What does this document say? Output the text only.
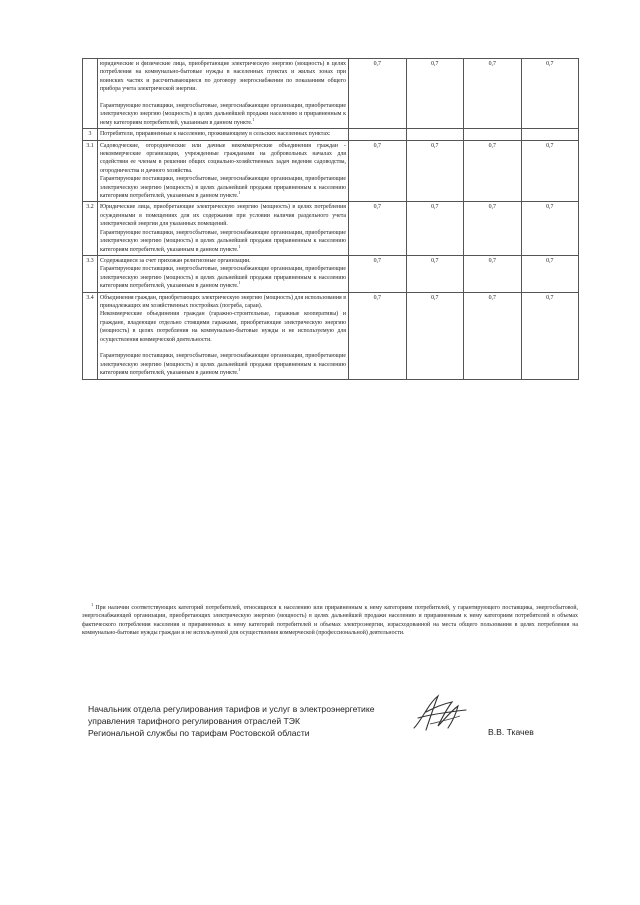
	юридические и физические лица, приобретающие электрическую энергию (мощность) в целях потребления на коммунально-бытовые нужды в населенных пунктах и жилых зонах при воинских частях и рассчитывающиеся по договору энергоснабжения по показаниям общего прибора учета электрической энергии.

Гарантирующие поставщики, энергосбытовые, энергоснабжающие организации, приобретающие электрическую энергию (мощность) в целях дальнейшей продажи населению и приравненным к нему категориям потребителей, указанным в данном пункте.$^1$	0,7	0,7	0,7	0,7
3	Потребители, приравненные к населению, проживающему в сельских населенных пунктах:				

3.1	Садоводческие, огороднические или дачные некоммерческие объединения граждан - некоммерческие организации, учрежденные гражданами на добровольных началах для содействия ее членам в решении общих социально-хозяйственных задач ведения садоводства, огородничества и дачного хозяйства.

Гарантирующие поставщики, энергосбытовые, энергоснабжающие организации, приобретающие электрическую энергию (мощность) в целях дальнейшей продажи приравненным к населению категориям потребителей, указанным в данном пункте.$^1$	0,7	0,7	0,7	0,7
3.2	Юридические лица, приобретающие электрическую энергию (мощность) в целях потребления осужденными в помещениях для их содержания при условии наличия раздельного учета электрической энергии для указанных помещений.

Гарантирующие поставщики, энергосбытовые, энергоснабжающие организации, приобретающие электрическую энергию (мощность) в целях дальнейшей продажи приравненным к населению категориям потребителей, указанным в данном пункте.$^1$	0,7	0,7	0,7	0,7
3.3	Содержащиеся за счет прихожан религиозные организации.

Гарантирующие поставщики, энергосбытовые, энергоснабжающие организации, приобретающие электрическую энергию (мощность) в целях дальнейшей продажи приравненным к населению категориям потребителей, указанным в данном пункте.$^1$	0,7	0,7	0,7	0,7
3.4	Объединения граждан, приобретающих электрическую энергию (мощность) для использования в принадлежащих им хозяйственных постройках (погреба, сараи).

Некоммерческие объединения граждан (гаражно-строительные, гаражные кооперативы) и граждане, владеющие отдельно стоящими гаражами, приобретающие электрическую энергию (мощность) в целях потребления на коммунально-бытовые нужды и не используемую для осуществления коммерческой деятельности.

Гарантирующие поставщики, энергосбытовые, энергоснабжающие организации, приобретающие электрическую энергию (мощность) в целях дальнейшей продажи приравненным к населению категориям потребителей, указанным в данном пункте.$^1$	0,7	0,7	0,7	0,7
$^1$ При наличии соответствующих категорий потребителей, относящихся к населению или приравненным к нему категориям потребителей, у гарантирующего поставщика, энергосбытовой, энергоснабжающей организации, приобретающих электрическую энергию (мощность) в целях дальнейшей продажи населению и приравненным к нему категориям потребителей в объемах фактического потребления населения и приравненных к нему категорий потребителей и объемах электроэнергии, израсходованной на места общего пользования в целях потребления на коммунально-бытовые нужды граждан и не используемой для осуществления коммерческой (профессиональной) деятельности.
Начальник отдела регулирования тарифов и услуг в электроэнергетике
управления тарифного регулирования отраслей ТЭК
Региональной службы по тарифам Ростовской области	В.В. Ткачев
